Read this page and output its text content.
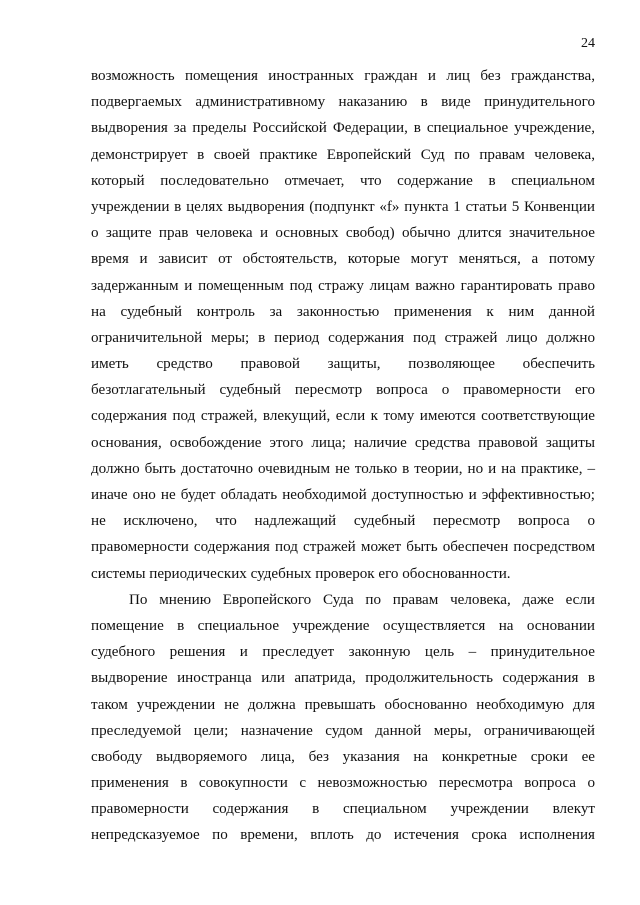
24
возможность помещения иностранных граждан и лиц без гражданства,
подвергаемых административному наказанию в виде принудительного
выдворения за пределы Российской Федерации, в специальное учреждение,
демонстрирует в своей практике Европейский Суд по правам человека,
который последовательно отмечает, что содержание в специальном
учреждении в целях выдворения (подпункт «f» пункта 1 статьи 5 Конвенции
о защите прав человека и основных свобод) обычно длится значительное
время и зависит от обстоятельств, которые могут меняться, а потому
задержанным и помещенным под стражу лицам важно гарантировать право
на судебный контроль за законностью применения к ним данной
ограничительной меры; в период содержания под стражей лицо должно
иметь средство правовой защиты, позволяющее обеспечить
безотлагательный судебный пересмотр вопроса о правомерности его
содержания под стражей, влекущий, если к тому имеются соответствующие
основания, освобождение этого лица; наличие средства правовой защиты
должно быть достаточно очевидным не только в теории, но и на практике, –
иначе оно не будет обладать необходимой доступностью и эффективностью;
не исключено, что надлежащий судебный пересмотр вопроса о
правомерности содержания под стражей может быть обеспечен посредством
системы периодических судебных проверок его обоснованности.
По мнению Европейского Суда по правам человека, даже если
помещение в специальное учреждение осуществляется на основании
судебного решения и преследует законную цель – принудительное
выдворение иностранца или апатрида, продолжительность содержания в
таком учреждении не должна превышать обоснованно необходимую для
преследуемой цели; назначение судом данной меры, ограничивающей
свободу выдворяемого лица, без указания на конкретные сроки ее
применения в совокупности с невозможностью пересмотра вопроса о
правомерности содержания в специальном учреждении влекут
непредсказуемое по времени, вплоть до истечения срока исполнения
